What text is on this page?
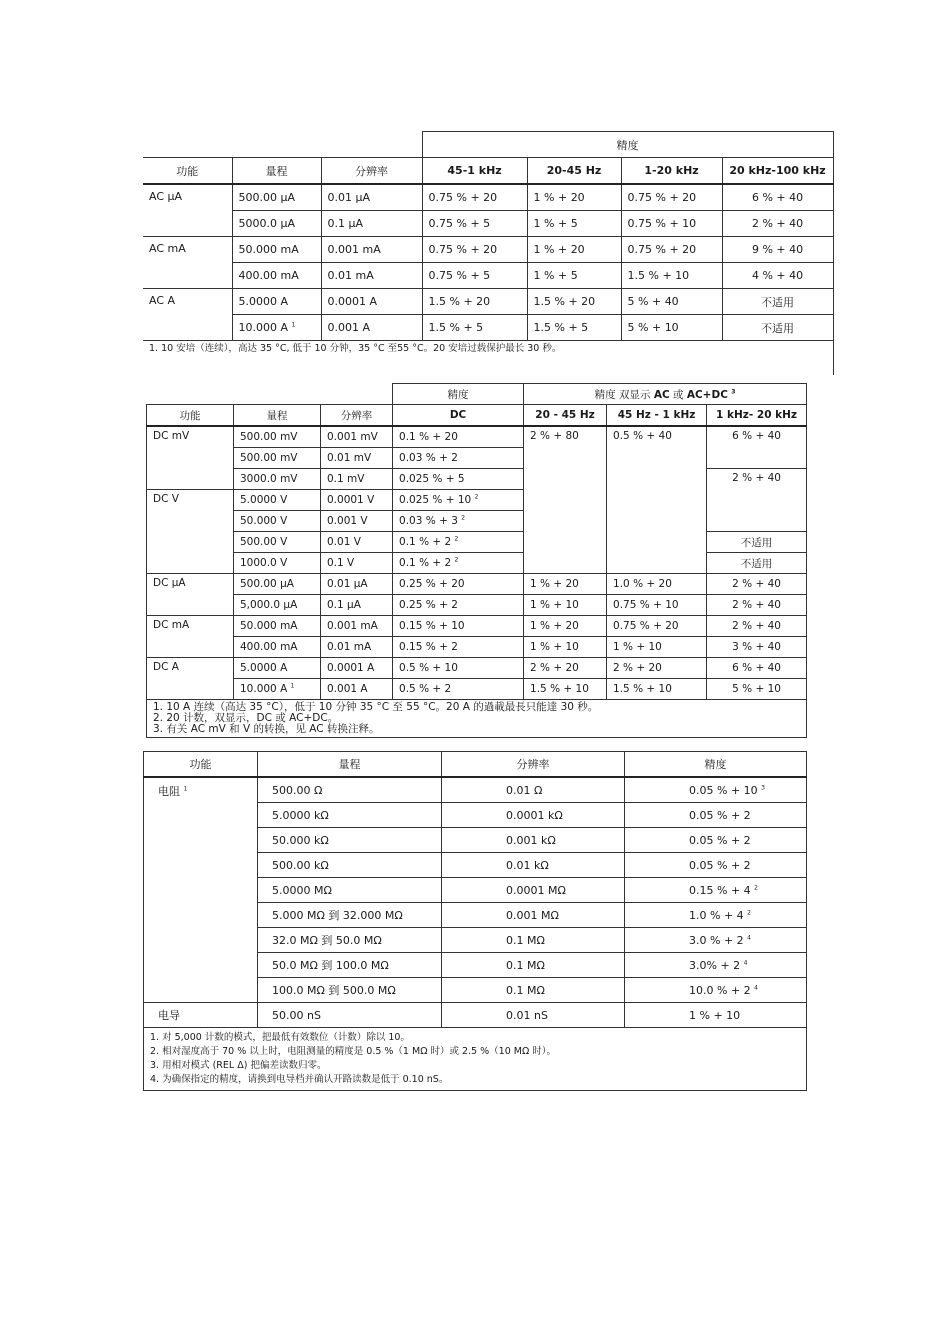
			精度			
功能	量程	分辨率	45-1 kHz	20-45 Hz	1-20 kHz	20 kHz-100 kHz
AC μA	500.00 μA	0.01 μA	0.75 % + 20	1 % + 20	0.75 % + 20	6 % + 40
	5000.0 μA	0.1 μA	0.75 % + 5	1 % + 5	0.75 % + 10	2 % + 40
AC mA	50.000 mA	0.001 mA	0.75 % + 20	1 % + 20	0.75 % + 20	9 % + 40
	400.00 mA	0.01 mA	0.75 % + 5	1 % + 5	1.5 % + 10	4 % + 40
AC A	5.0000 A	0.0001 A	1.5 % + 20	1.5 % + 20	5 % + 40	不适用
	10.000 A $^1$	0.001 A	1.5 % + 5	1.5 % + 5	5 % + 10	不适用
1. 10 安培（连续），高达 35 °C, 低于 10 分钟，35 °C 至55 °C。20 安培过载保护最长 30 秒。						
			精度	精度 双显示 AC 或 AC+DC $^3$
功能	量程	分辨率	DC	20 - 45 Hz	45 Hz - 1 kHz	1 kHz- 20 kHz
DC mV	500.00 mV	0.001 mV	0.1 % + 20	2 % + 80	0.5 % + 40	6 % + 40
	500.00 mV	0.01 mV	0.03 % + 2			
	3000.0 mV	0.1 mV	0.025 % + 5			2 % + 40
DC V	5.0000 V	0.0001 V	0.025 % + 10 $^2$
	50.000 V	0.001 V	0.03 % + 3 $^2$
	500.00 V	0.01 V	0.1 % + 2 $^2$			不适用
	1000.0 V	0.1 V	0.1 % + 2 $^2$			不适用
DC μA	500.00 μA	0.01 μA	0.25 % + 20	1 % + 20	1.0 % + 20	2 % + 40
	5,000.0 μA	0.1 μA	0.25 % + 2	1 % + 10	0.75 % + 10	2 % + 40
DC mA	50.000 mA	0.001 mA	0.15 % + 10	1 % + 20	0.75 % + 20	2 % + 40
	400.00 mA	0.01 mA	0.15 % + 2	1 % + 10	1 % + 10	3 % + 40
DC A	5.0000 A	0.0001 A	0.5 % + 10	2 % + 20	2 % + 20	6 % + 40
	10.000 A $^1$	0.001 A	0.5 % + 2	1.5 % + 10	1.5 % + 10	5 % + 10

1. 10 A 连续（高达 35 °C），低于 10 分钟 35 °C 至 55 °C。20 A 的過載最長只能達 30 秒。
2. 20 计数，双显示，DC 或 AC+DC。
3. 有关 AC mV 和 V 的转换，见 AC 转换注释。						
功能	量程	分辨率	精度
电阻 $^1$	500.00 Ω	0.01 Ω	0.05 % + 10 $^3$
	5.0000 kΩ	0.0001 kΩ	0.05 % + 2
	50.000 kΩ	0.001 kΩ	0.05 % + 2
	500.00 kΩ	0.01 kΩ	0.05 % + 2
	5.0000 MΩ	0.0001 MΩ	0.15 % + 4 $^2$
	5.000 MΩ 到 32.000 MΩ	0.001 MΩ	1.0 % + 4 $^2$
	32.0 MΩ 到 50.0 MΩ	0.1 MΩ	3.0 % + 2 $^4$
	50.0 MΩ 到 100.0 MΩ	0.1 MΩ	3.0% + 2 $^4$
	100.0 MΩ 到 500.0 MΩ	0.1 MΩ	10.0 % + 2 $^4$
电导	50.00 nS	0.01 nS	1 % + 10

1. 对 5,000 计数的模式，把最低有效数位（计数）除以 10。
2. 相对湿度高于 70 % 以上时，电阻测量的精度是 0.5 %（1 MΩ 时）或 2.5 %（10 MΩ 时）。
3. 用相对模式 (REL Δ) 把偏差读数归零。
4. 为确保指定的精度，请换到电导档并确认开路读数是低于 0.10 nS。			
